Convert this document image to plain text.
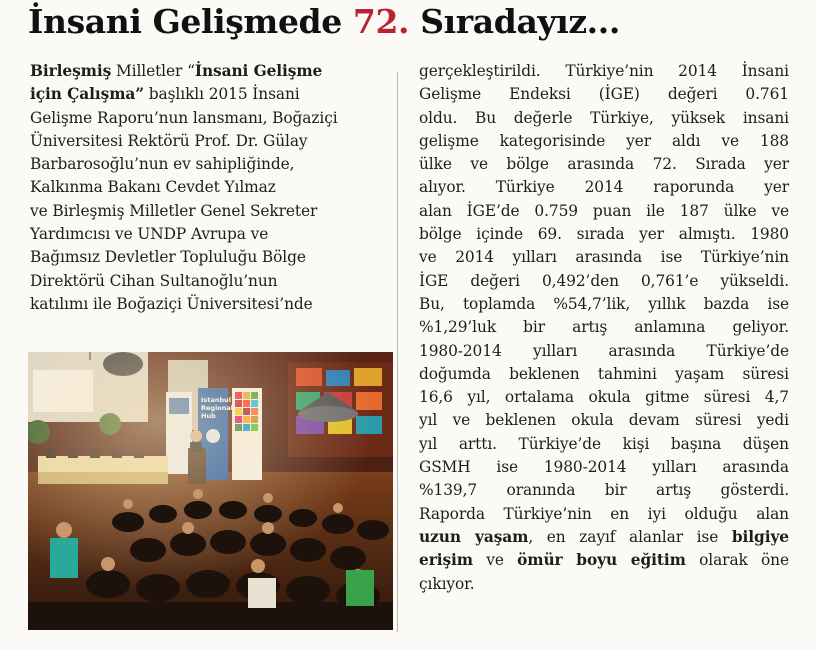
İnsani Gelişmede 72. Sıradayız...
Birleşmiş Milletler “İnsani Gelişme
için Çalışma” başlıklı 2015 İnsani
Gelişme Raporu’nun lansmanı, Boğaziçi
Üniversitesi Rektörü Prof. Dr. Gülay
Barbarosoğlu’nun ev sahipliğinde,
Kalkınma Bakanı Cevdet Yılmaz
ve Birleşmiş Milletler Genel Sekreter
Yardımcısı ve UNDP Avrupa ve
Bağımsız Devletler Topluluğu Bölge
Direktörü Cihan Sultanoğlu’nun
katılımı ile Boğaziçi Üniversitesi’nde
gerçekleştirildi. Türkiye’nin 2014 İnsani
Gelişme Endeksi (İGE) değeri 0.761
oldu. Bu değerle Türkiye, yüksek insani
gelişme kategorisinde yer aldı ve 188
ülke ve bölge arasında 72. Sırada yer
alıyor. Türkiye 2014 raporunda yer
alan İGE’de 0.759 puan ile 187 ülke ve
bölge içinde 69. sırada yer almıştı. 1980
ve 2014 yılları arasında ise Türkiye’nin
İGE değeri 0,492’den 0,761’e yükseldi.
Bu, toplamda %54,7’lik, yıllık bazda ise
%1,29’luk bir artış anlamına geliyor.
1980-2014 yılları arasında Türkiye’de
doğumda beklenen tahmini yaşam süresi
16,6 yıl, ortalama okula gitme süresi 4,7
yıl ve beklenen okula devam süresi yedi
yıl arttı. Türkiye’de kişi başına düşen
GSMH ise 1980-2014 yılları arasında
%139,7 oranında bir artış gösterdi.
Raporda Türkiye’nin en iyi olduğu alan
uzun yaşam, en zayıf alanlar ise bilgiye
erişim ve ömür boyu eğitim olarak öne
çıkıyor.
